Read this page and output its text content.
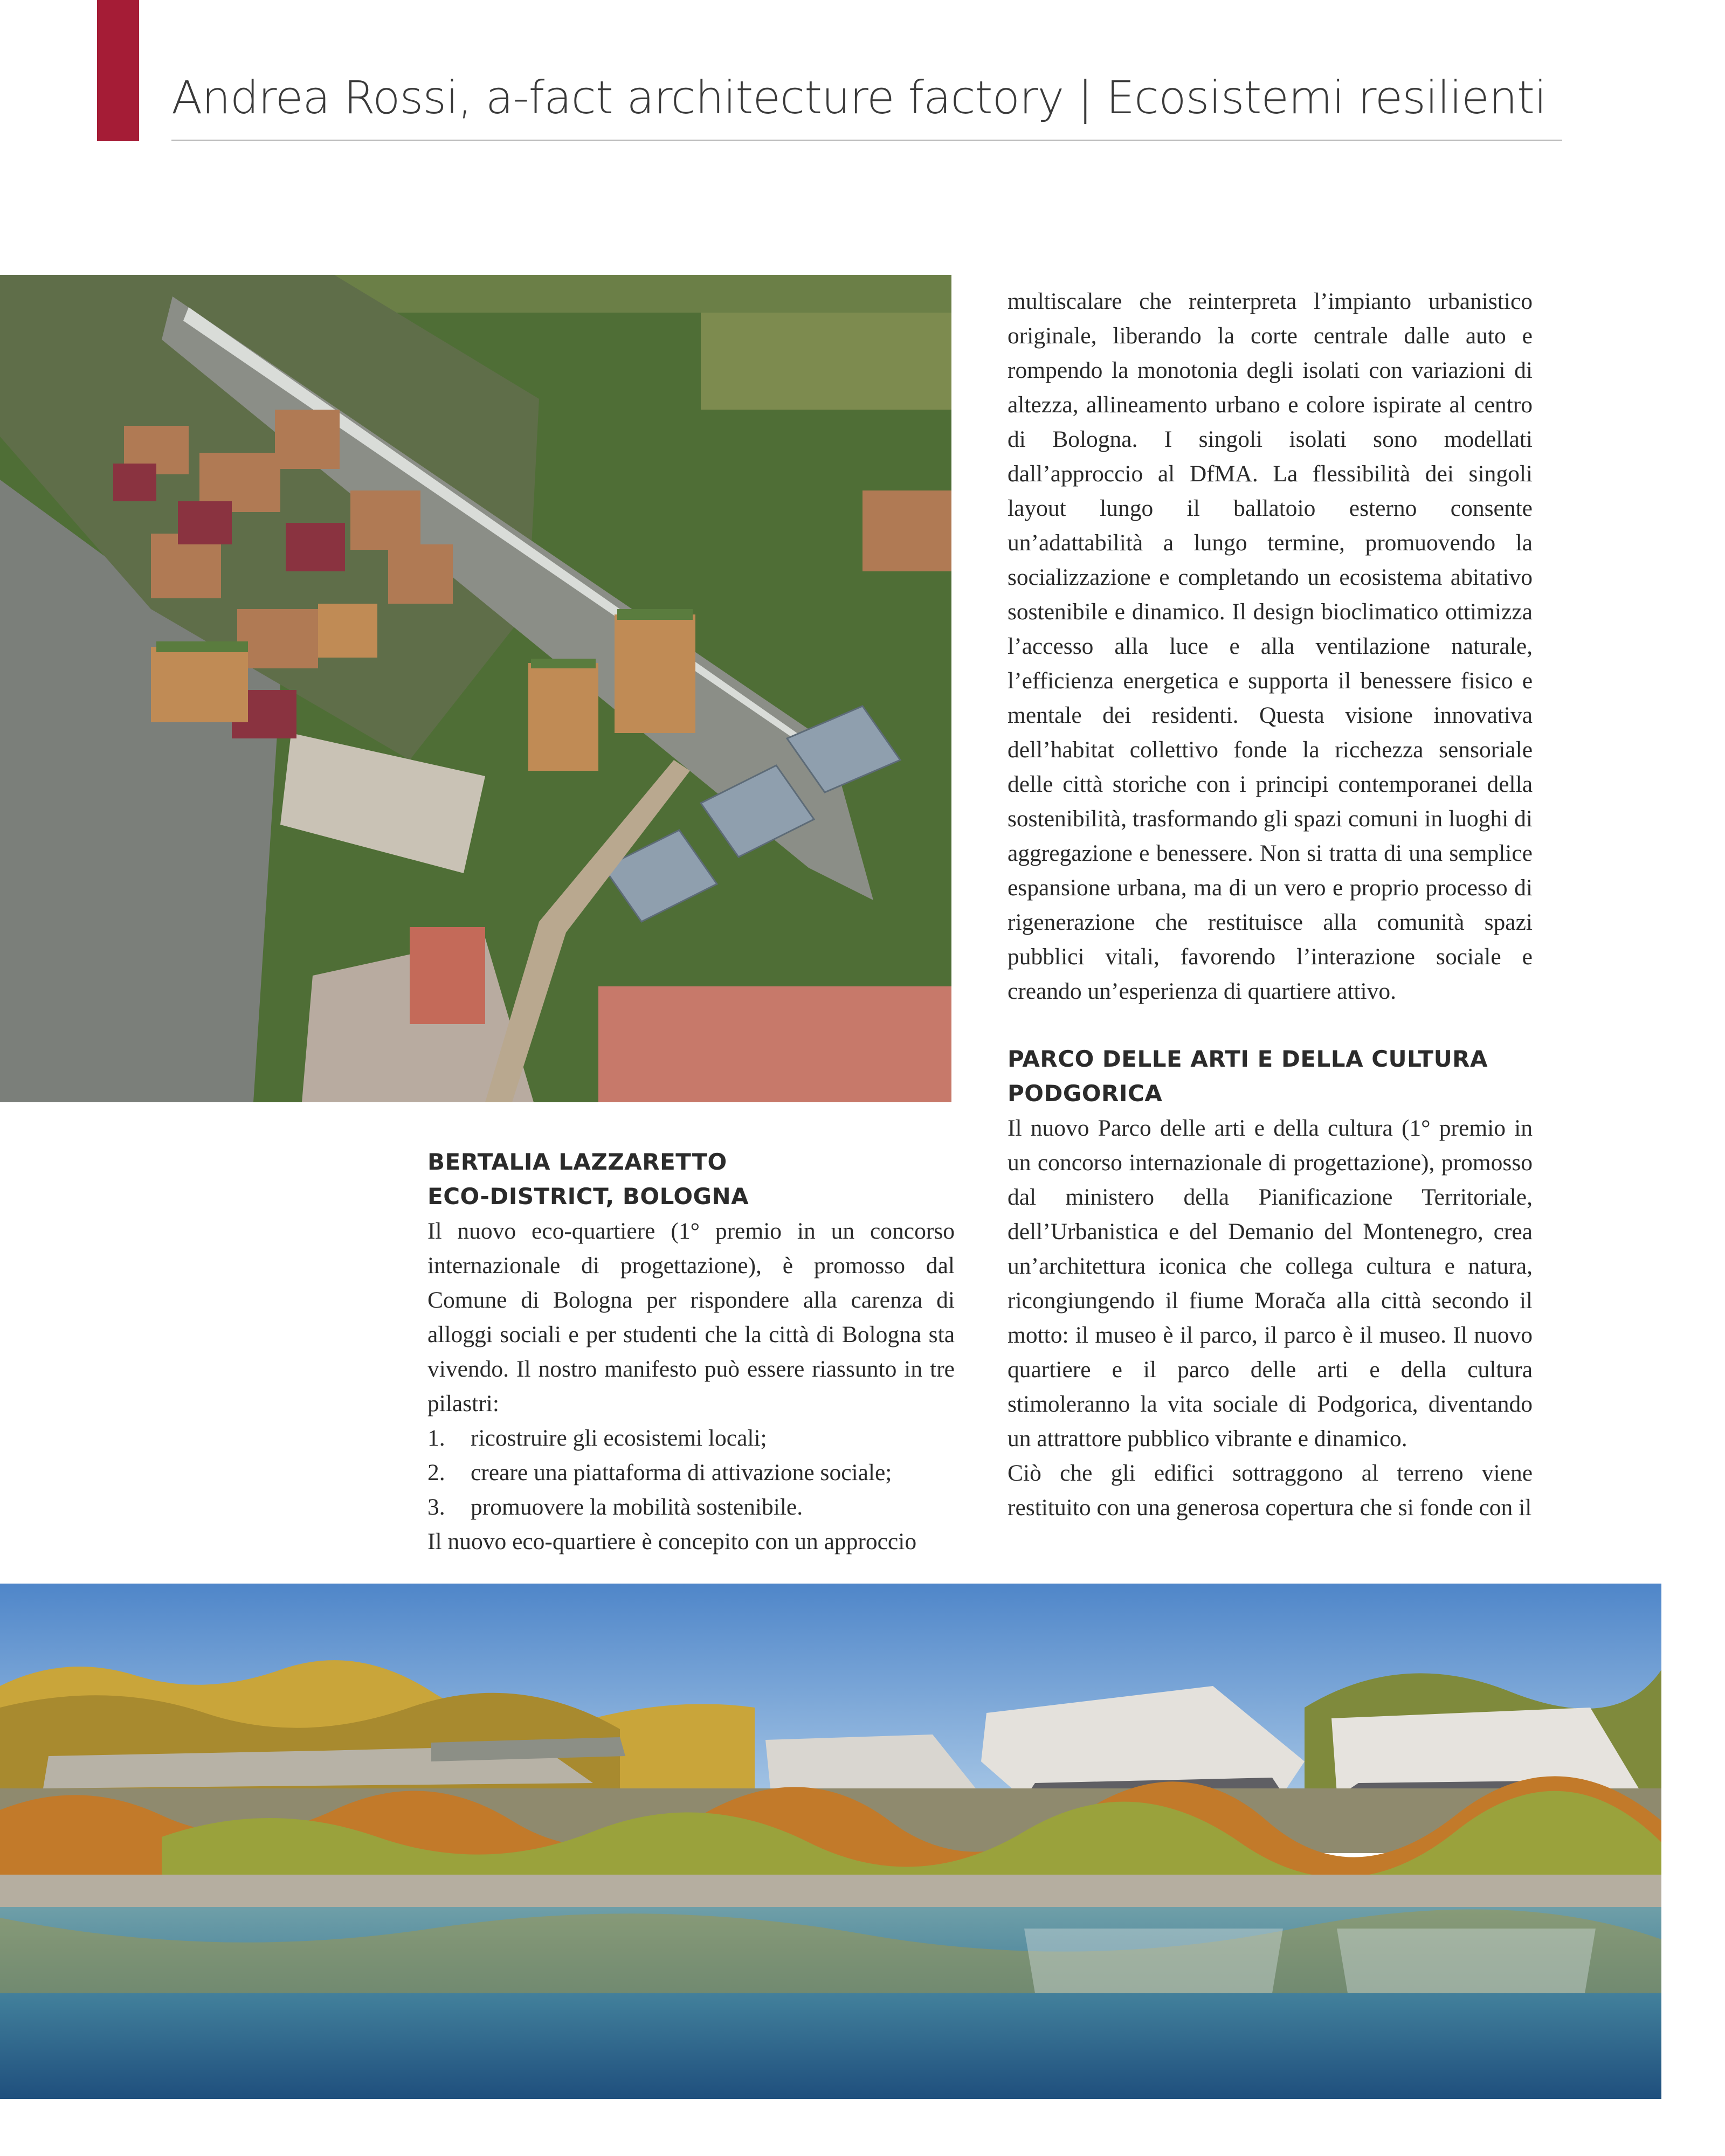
Andrea Rossi, a-fact architecture factory | Ecosistemi resilienti
BERTALIA LAZZARETTO
ECO-DISTRICT, BOLOGNA

Il nuovo eco-quartiere (1° premio in un concorso internazionale di progettazione), è promosso dal Comune di Bologna per rispondere alla carenza di alloggi sociali e per studenti che la città di Bologna sta vivendo. Il nostro manifesto può essere riassunto in tre pilastri:

1.	ricostruire gli ecosistemi locali;
2.	creare una piattaforma di attivazione sociale;
3.	promuovere la mobilità sostenibile.

Il nuovo eco-quartiere è concepito con un approccio

multiscalare che reinterpreta l’impianto urbanistico originale, liberando la corte centrale dalle auto e rompendo la monotonia degli isolati con variazioni di altezza, allineamento urbano e colore ispirate al centro di Bologna. I singoli isolati sono modellati dall’approccio al DfMA. La flessibilità dei singoli layout lungo il ballatoio esterno consente un’adattabilità a lungo termine, promuovendo la socializzazione e completando un ecosistema abitativo sostenibile e dinamico. Il design bioclimatico ottimizza l’accesso alla luce e alla ventilazione naturale, l’efficienza energetica e supporta il benessere fisico e mentale dei residenti. Questa visione innovativa dell’habitat collettivo fonde la ricchezza sensoriale delle città storiche con i principi contemporanei della sostenibilità, trasformando gli spazi comuni in luoghi di aggregazione e benessere. Non si tratta di una semplice espansione urbana, ma di un vero e proprio processo di rigenerazione che restituisce alla comunità spazi pubblici vitali, favorendo l’interazione sociale e creando un’esperienza di quartiere attivo.

PARCO DELLE ARTI E DELLA CULTURA
PODGORICA

Il nuovo Parco delle arti e della cultura (1° premio in un concorso internazionale di progettazione), promosso dal ministero della Pianificazione Territoriale, dell’Urbanistica e del Demanio del Montenegro, crea un’architettura iconica che collega cultura e natura, ricongiungendo il fiume Morača alla città secondo il motto: il museo è il parco, il parco è il museo. Il nuovo quartiere e il parco delle arti e della cultura stimoleranno la vita sociale di Podgorica, diventando un attrattore pubblico vibrante e dinamico.

Ciò che gli edifici sottraggono al terreno viene restituito con una generosa copertura che si fonde con il
